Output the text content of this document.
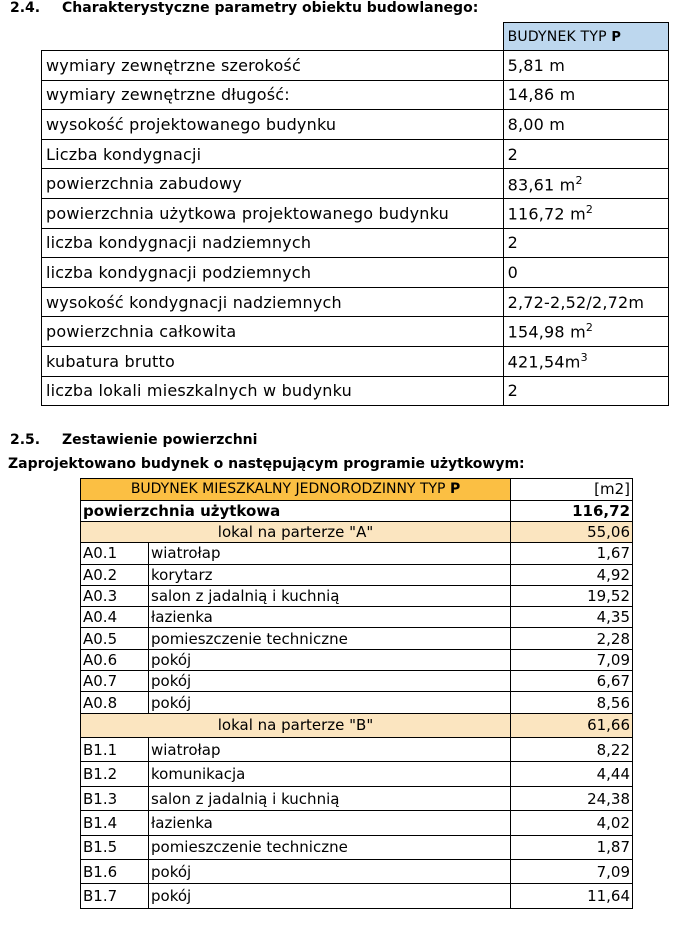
2.4. Charakterystyczne parametry obiektu budowlanego:
	BUDYNEK TYP P
wymiary zewnętrzne szerokość	5,81 m
wymiary zewnętrzne długość:	14,86 m
wysokość projektowanego budynku	8,00 m
Liczba kondygnacji	2
powierzchnia zabudowy	83,61 $m^2$
powierzchnia użytkowa projektowanego budynku	116,72 $m^2$
liczba kondygnacji nadziemnych	2
liczba kondygnacji podziemnych	0
wysokość kondygnacji nadziemnych	2,72-2,52/2,72m
powierzchnia całkowita	154,98 $m^2$
kubatura brutto	$421,54m^3$
liczba lokali mieszkalnych w budynku	2
2.5. Zestawienie powierzchni
Zaprojektowano budynek o następującym programie użytkowym:
BUDYNEK MIESZKALNY JEDNORODZINNY TYP P		[m2]
powierzchnia użytkowa		116,72
lokal na parterze "A"		55,06
A0.1	wiatrołap	1,67
A0.2	korytarz	4,92
A0.3	salon z jadalnią i kuchnią	19,52
A0.4	łazienka	4,35
A0.5	pomieszczenie techniczne	2,28
A0.6	pokój	7,09
A0.7	pokój	6,67
A0.8	pokój	8,56
lokal na parterze "B"		61,66
B1.1	wiatrołap	8,22
B1.2	komunikacja	4,44
B1.3	salon z jadalnią i kuchnią	24,38
B1.4	łazienka	4,02
B1.5	pomieszczenie techniczne	1,87
B1.6	pokój	7,09
B1.7	pokój	11,64
